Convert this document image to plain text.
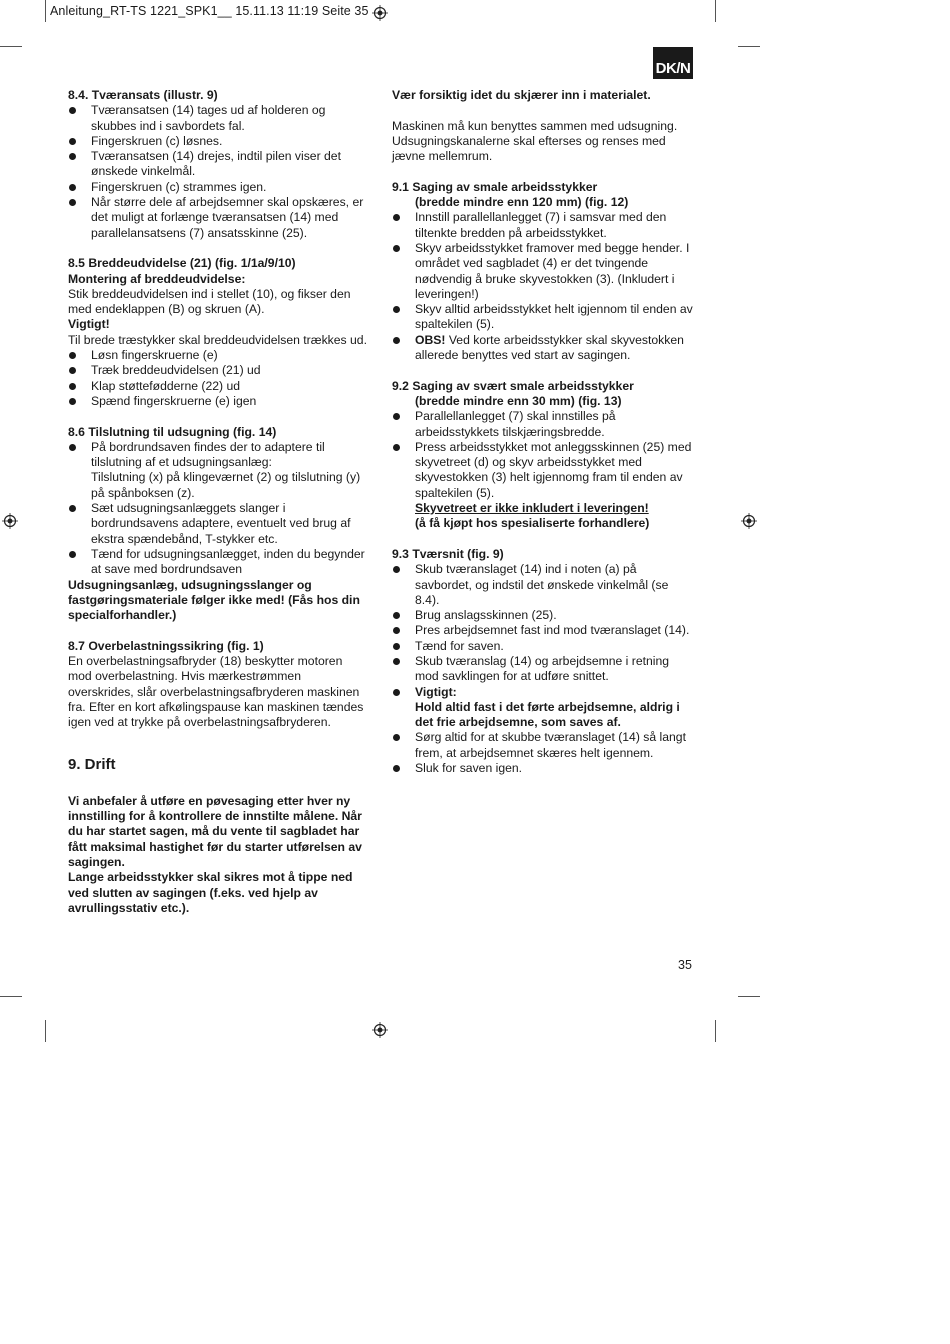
Anleitung_RT-TS 1221_SPK1__ 15.11.13 11:19 Seite 35
DK/N

8.4. Tværansats (illustr. 9)

Tværansatsen (14) tages ud af holderen og skubbes ind i savbordets fal.

Fingerskruen (c) løsnes.

Tværansatsen (14) drejes, indtil pilen viser det ønskede vinkelmål.

Fingerskruen (c) strammes igen.

Når større dele af arbejdsemner skal opskæres, er det muligt at forlænge tværansatsen (14) med parallelansatsens (7) ansatsskinne (25).

8.5 Breddeudvidelse (21) (fig. 1/1a/9/10)

Montering af breddeudvidelse:

Stik breddeudvidelsen ind i stellet (10), og fikser den med endeklappen (B) og skruen (A).

Vigtigt!

Til brede træstykker skal breddeudvidelsen trækkes ud.

Løsn fingerskruerne (e)

Træk breddeudvidelsen (21) ud

Klap støttefødderne (22) ud

Spænd fingerskruerne (e) igen

8.6 Tilslutning til udsugning (fig. 14)

På bordrundsaven findes der to adaptere til tilslutning af et udsugningsanlæg:

Tilslutning (x) på klingeværnet (2) og tilslutning (y) på spånboksen (z).

Sæt udsugningsanlæggets slanger i bordrundsavens adaptere, eventuelt ved brug af ekstra spændebånd, T-stykker etc.

Tænd for udsugningsanlægget, inden du begynder at save med bordrundsaven

Udsugningsanlæg, udsugningsslanger og fastgøringsmateriale følger ikke med! (Fås hos din specialforhandler.)

8.7 Overbelastningssikring (fig. 1)

En overbelastningsafbryder (18) beskytter motoren mod overbelastning. Hvis mærkestrømmen overskrides, slår overbelastningsafbryderen maskinen fra. Efter en kort afkølingspause kan maskinen tændes igen ved at trykke på overbelastningsafbryderen.

9. Drift

Vi anbefaler å utføre en pøvesaging etter hver ny innstilling for å kontrollere de innstilte målene. Når du har startet sagen, må du vente til sagbladet har fått maksimal hastighet før du starter utførelsen av sagingen.

Lange arbeidsstykker skal sikres mot å tippe ned ved slutten av sagingen (f.eks. ved hjelp av avrullingsstativ etc.).

Vær forsiktig idet du skjærer inn i materialet.

Maskinen må kun benyttes sammen med udsugning. Udsugningskanalerne skal efterses og renses med jævne mellemrum.

9.1 Saging av smale arbeidsstykker

(bredde mindre enn 120 mm) (fig. 12)

Innstill parallellanlegget (7) i samsvar med den tiltenkte bredden på arbeidsstykket.

Skyv arbeidsstykket framover med begge hender. I området ved sagbladet (4) er det tvingende nødvendig å bruke skyvestokken (3). (Inkludert i leveringen!)

Skyv alltid arbeidsstykket helt igjennom til enden av spaltekilen (5).

OBS! Ved korte arbeidsstykker skal skyvestokken allerede benyttes ved start av sagingen.

9.2 Saging av svært smale arbeidsstykker

(bredde mindre enn 30 mm) (fig. 13)

Parallellanlegget (7) skal innstilles på arbeidsstykkets tilskjæringsbredde.

Press arbeidsstykket mot anleggsskinnen (25) med skyvetreet (d) og skyv arbeidsstykket med skyvestokken (3) helt igjennomg fram til enden av spaltekilen (5).

Skyvetreet er ikke inkludert i leveringen!

(å få kjøpt hos spesialiserte forhandlere)

9.3 Tværsnit (fig. 9)

Skub tværanslaget (14) ind i noten (a) på savbordet, og indstil det ønskede vinkelmål (se 8.4).

Brug anslagsskinnen (25).

Pres arbejdsemnet fast ind mod tværanslaget (14).

Tænd for saven.

Skub tværanslag (14) og arbejdsemne i retning mod savklingen for at udføre snittet.

Vigtigt:

Hold altid fast i det førte arbejdsemne, aldrig i det frie arbejdsemne, som saves af.

Sørg altid for at skubbe tværanslaget (14) så langt frem, at arbejdsemnet skæres helt igennem.

Sluk for saven igen.

35
